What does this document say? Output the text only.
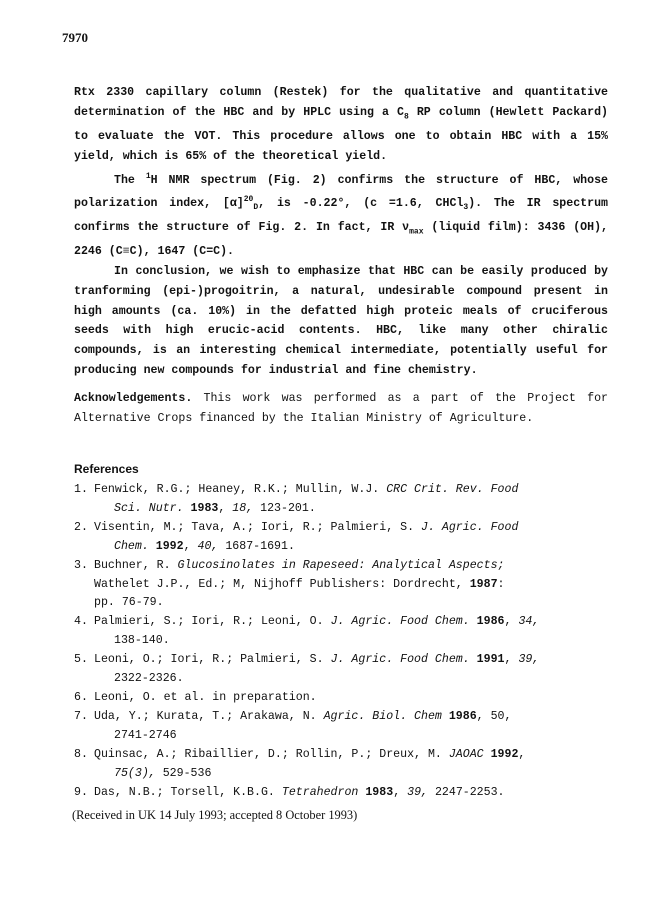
7970

Rtx 2330 capillary column (Restek) for the qualitative and quantitative determination of the HBC and by HPLC using a $C_8$ RP column (Hewlett Packard) to evaluate the VOT. This procedure allows one to obtain HBC with a 15% yield, which is 65% of the theoretical yield.

The $^1$H NMR spectrum (Fig. 2) confirms the structure of HBC, whose polarization index, $[\alpha]^{20}_D$, is -0.22°, (c =1.6, CHCl$_3$). The IR spectrum confirms the structure of Fig. 2. In fact, IR $\nu_{max}$ (liquid film): 3436 (OH), 2246 (C≡C), 1647 (C=C).

In conclusion, we wish to emphasize that HBC can be easily produced by tranforming (epi-)progoitrin, a natural, undesirable compound present in high amounts (ca. 10%) in the defatted high proteic meals of cruciferous seeds with high erucic-acid contents. HBC, like many other chiralic compounds, is an interesting chemical intermediate, potentially useful for producing new compounds for industrial and fine chemistry.

Acknowledgements. This work was performed as a part of the Project for Alternative Crops financed by the Italian Ministry of Agriculture.
References
1. Fenwick, R.G.; Heaney, R.K.; Mullin, W.J. CRC Crit. Rev. Food
Sci. Nutr. 1983, 18, 123-201.
2. Visentin, M.; Tava, A.; Iori, R.; Palmieri, S. J. Agric. Food
Chem. 1992, 40, 1687-1691.
3. Buchner, R. Glucosinolates in Rapeseed: Analytical Aspects;
Wathelet J.P., Ed.; M, Nijhoff Publishers: Dordrecht, 1987:
pp. 76-79.
4. Palmieri, S.; Iori, R.; Leoni, O. J. Agric. Food Chem. 1986, 34,
138-140.
5. Leoni, O.; Iori, R.; Palmieri, S. J. Agric. Food Chem. 1991, 39,
2322-2326.
6. Leoni, O. et al. in preparation.
7. Uda, Y.; Kurata, T.; Arakawa, N. Agric. Biol. Chem 1986, 50,
2741-2746
8. Quinsac, A.; Ribaillier, D.; Rollin, P.; Dreux, M. JAOAC 1992,
75(3), 529-536
9. Das, N.B.; Torsell, K.B.G. Tetrahedron 1983, 39, 2247-2253.
(Received in UK 14 July 1993; accepted 8 October 1993)
